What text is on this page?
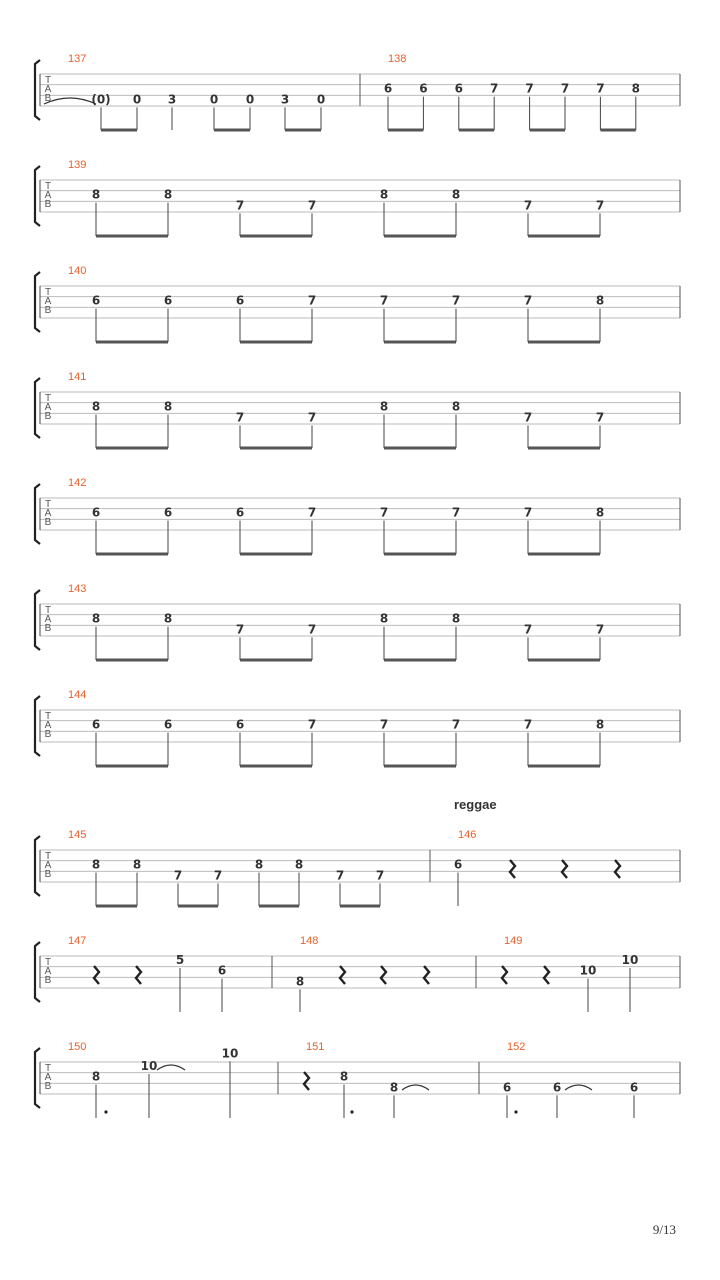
reggae
9/13
T
A
B
137
(0) 0 3	0 0 3 0
138
6 6 6 7 7 7 7 8
T
A
B
139
8	8
7	7
8	8
7	7
T
A
B
140
6	6	6	7	7	7	7	8
T
A
B
141
8	8
7	7
8	8
7	7
T
A
B
142
6	6	6	7	7	7	7	8
T
A
B
143
8	8
7	7
8	8
7	7
T
A
B
144
6	6	6	7	7	7	7	8
T
A
B
145
8	8
7	7
8	8
7	7
146
6
T
A
B
147
5
6
148
8
149
10
10
T
A
B
150
8
10
10	151
8
8
152
6	6	6
